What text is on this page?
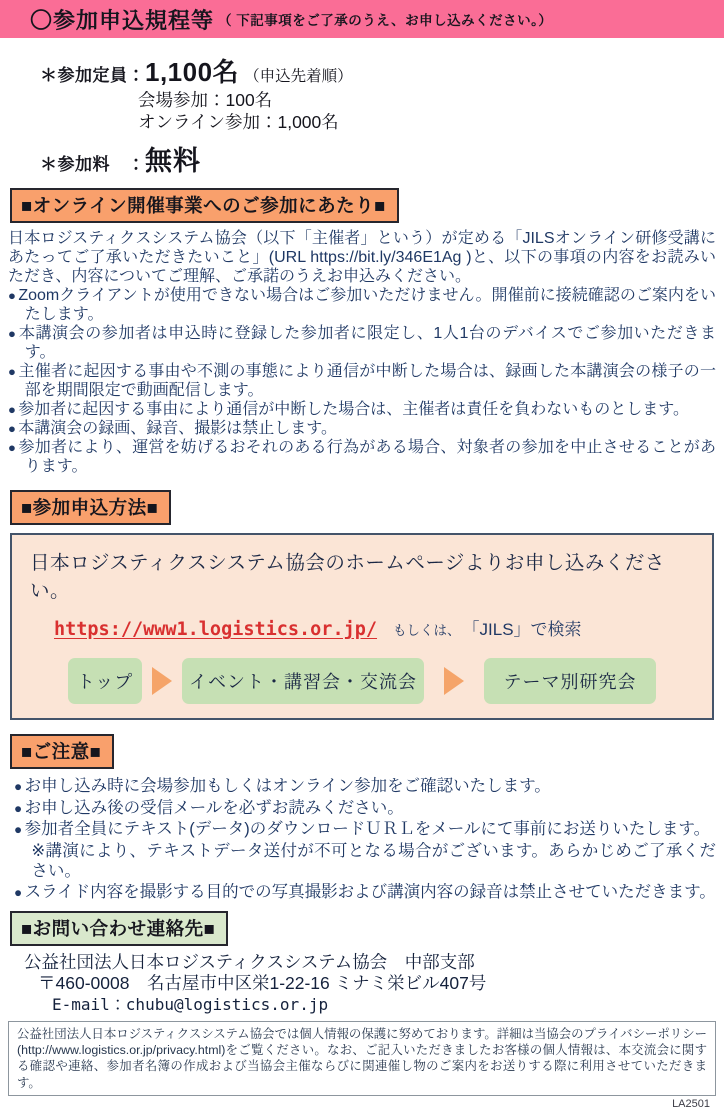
〇参加申込規程等 （ 下記事項をご了承のうえ、お申し込みください。）
＊参加定員： 1,100名 （申込先着順）
会場参加：100名
オンライン参加：1,000名
＊参加料　： 無料
■オンライン開催事業へのご参加にあたり■

日本ロジスティクスシステム協会（以下「主催者」という）が定める「JILSオンライン研修受講にあたってご了承いただきたいこと」(URL https://bit.ly/346E1Ag )と、以下の事項の内容をお読みいただき、内容についてご理解、ご承諾のうえお申込みください。

● Zoomクライアントが使用できない場合はご参加いただけません。開催前に接続確認のご案内をいたします。
● 本講演会の参加者は申込時に登録した参加者に限定し、1人1台のデバイスでご参加いただきます。
● 主催者に起因する事由や不測の事態により通信が中断した場合は、録画した本講演会の様子の一部を期間限定で動画配信します。
● 参加者に起因する事由により通信が中断した場合は、主催者は責任を負わないものとします。
● 本講演会の録画、録音、撮影は禁止します。
● 参加者により、運営を妨げるおそれのある行為がある場合、対象者の参加を中止させることがあります。
■参加申込方法■
日本ロジスティクスシステム協会のホームページよりお申し込みください。
https://www1.logistics.or.jp/ もしくは、 「JILS」で検索
トップ	イベント・講習会・交流会	テーマ別研究会
■ご注意■
● お申し込み時に会場参加もしくはオンライン参加をご確認いたします。
● お申し込み後の受信メールを必ずお読みください。
● 参加者全員にテキスト(データ)のダウンロードＵＲＬをメールにて事前にお送りいたします。
※講演により、テキストデータ送付が不可となる場合がございます。あらかじめご了承ください。
● スライド内容を撮影する目的での写真撮影および講演内容の録音は禁止させていただきます。
■お問い合わせ連絡先■
公益社団法人日本ロジスティクスシステム協会　中部支部
〒460-0008　名古屋市中区栄1-22-16 ミナミ栄ビル407号
E-mail：chubu@logistics.or.jp
公益社団法人日本ロジスティクスシステム協会では個人情報の保護に努めております。詳細は当協会のプライバシーポリシー(http://www.logistics.or.jp/privacy.html)をご覧ください。なお、ご記入いただきましたお客様の個人情報は、本交流会に関する確認や連絡、参加者名簿の作成および当協会主催ならびに関連催し物のご案内をお送りする際に利用させていただきます。
LA2501
